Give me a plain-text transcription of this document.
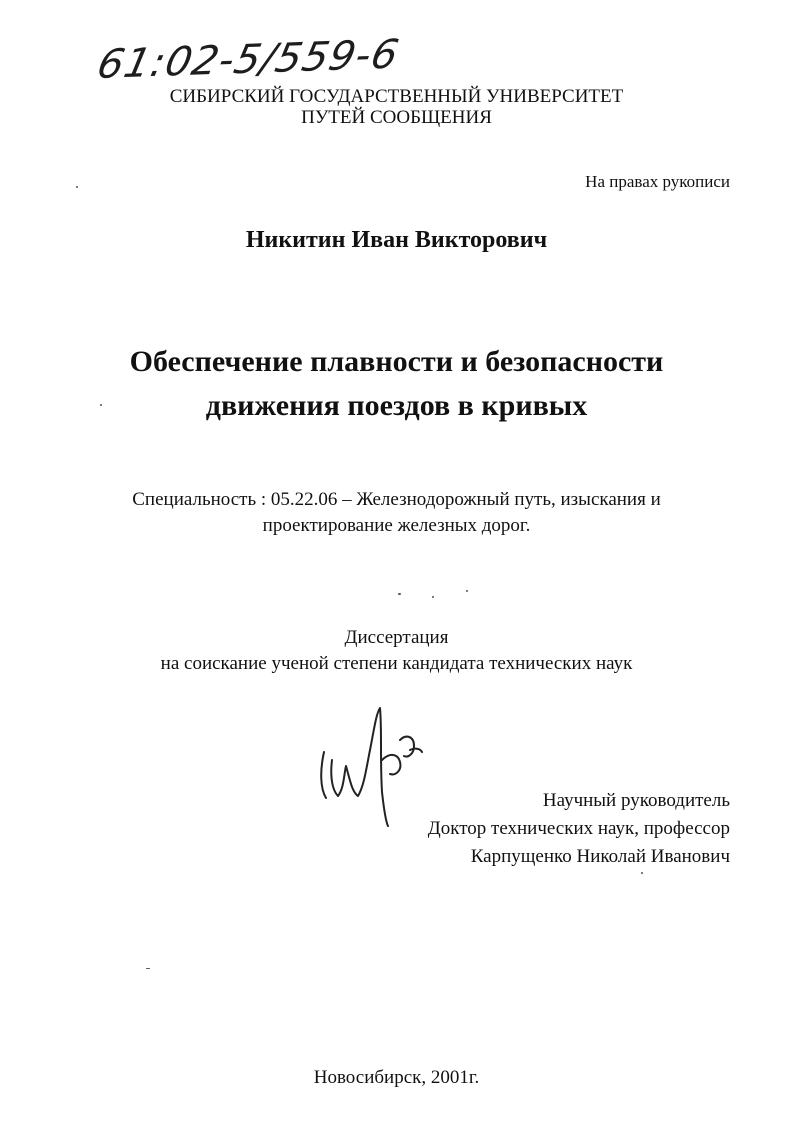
61:02-5/559-6
СИБИРСКИЙ ГОСУДАРСТВЕННЫЙ УНИВЕРСИТЕТ
ПУТЕЙ СООБЩЕНИЯ
На правах рукописи
Никитин Иван Викторович
Обеспечение плавности и безопасности
движения поездов в кривых
Специальность : 05.22.06 – Железнодорожный путь, изыскания и
проектирование железных дорог.
Диссертация
на соискание ученой степени кандидата технических наук
Научный руководитель
Доктор технических наук, профессор
Карпущенко Николай Иванович
Новосибирск, 2001г.
